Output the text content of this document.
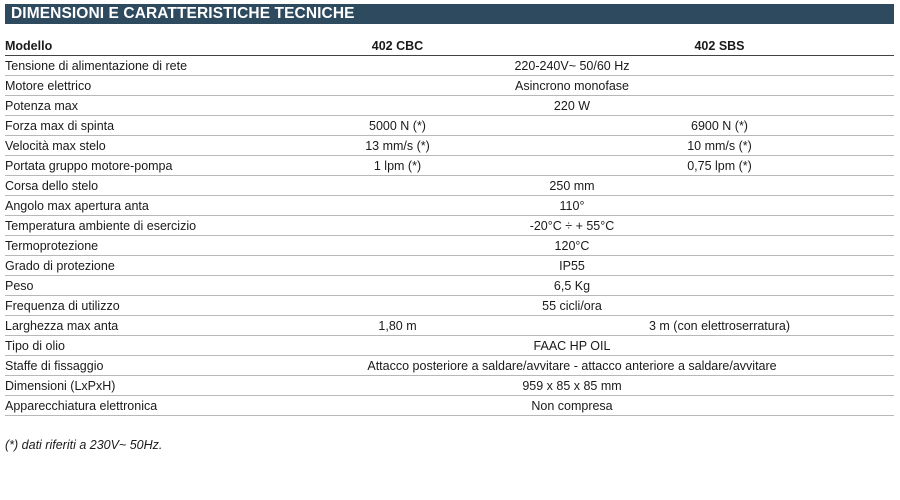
DIMENSIONI E CARATTERISTICHE TECNICHE
Modello	402 CBC	402 SBS
Tensione di alimentazione di rete	220-240V~ 50/60 Hz	
Motore elettrico	Asincrono monofase	
Potenza max	220 W	
Forza max di spinta	5000 N (*)	6900 N (*)
Velocità max stelo	13 mm/s (*)	10 mm/s (*)
Portata gruppo motore-pompa	1 lpm (*)	0,75 lpm (*)
Corsa dello stelo	250 mm	
Angolo max apertura anta	110°	
Temperatura ambiente di esercizio	-20°C ÷ + 55°C	
Termoprotezione	120°C	
Grado di protezione	IP55	
Peso	6,5 Kg	
Frequenza di utilizzo	55 cicli/ora	
Larghezza max anta	1,80 m	3 m (con elettroserratura)
Tipo di olio	FAAC HP OIL	
Staffe di fissaggio	Attacco posteriore a saldare/avvitare - attacco anteriore a saldare/avvitare	
Dimensioni (LxPxH)	959 x 85 x 85 mm	
Apparecchiatura elettronica	Non compresa	
(*) dati riferiti a 230V~ 50Hz.
